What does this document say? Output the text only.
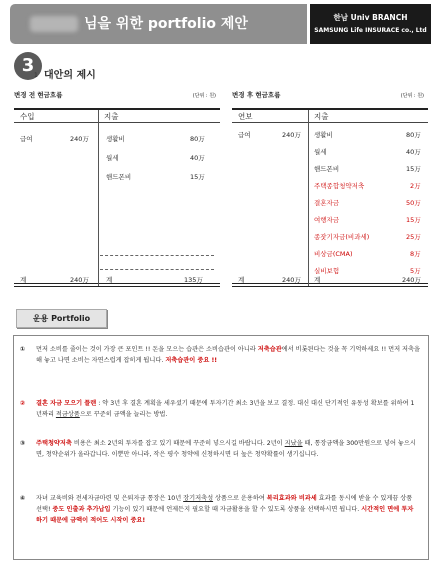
님을 위한 portfolio 제안	한남 Univ BRANCH
SAMSUNG Life INSURACE co., Ltd
3 1 대안의 제시
변경 전 현금흐름	(단위 : 원)
수입	지출
급여	240万	생활비	80万
월세	40万
핸드폰비	15万
계	240万	계	135万
변경 후 현금흐름	(단위 : 원)
연보	지출
급여	240万 생활비	80万
월세	40万
핸드폰비	15万
주택종합청약저축	2万
결혼자금	50万
여행자금	15万
종잣기자금(비과세)	25万
비상금(CMA)	8万
실비보험	5万
계	240万 계	240万
운용 Portfolio
① 먼저 소비를 줄이는 것이 가장 큰 포인트 !! 돈을 모으는 습관은 소비습관이 아니라 저축습관에서 비롯된다는 것을 꼭 기억하세요 !! 먼저 저축을 해 놓고 나면 소비는 자연스럽게 잡히게 됩니다. 저축습관이 중요 !!
② 결혼 자금 모으기 플랜 : 약 3년 후 결혼 계획을 세우셨기 때문에 투자기간 최소 3년을 보고 결정. 대신 대신 단기적인 유동성 확보를 위하여 1년짜리 적금상품으로 꾸준히 금액을 늘리는 방법.
③ 주택청약저축 비용은 최소 2년의 투자를 잡고 있기 때문에 꾸준히 넣으시길 바랍니다. 2년이 지났을 때, 통장금액을 300만원으로 넣어 놓으시면, 청약순위가 올라갑니다. 이뿐만 아니라, 작은 평수 청약에 신청하시면 더 높은 청약확률이 생기십니다.
④ 자녀 교육비와 전세자금마련 및 은퇴자금 통장은 10년 장기저축성 상품으로 운용하여 복리효과와 비과세 효과를 동시에 받을 수 있게끔 상품 선택! 중도 인출과 추가납입 기능이 있기 때문에 언제든지 필요할 때 자금활용을 할 수 있도록 상품을 선택하시면 됩니다. 시간적인 면에 투자 하기 때문에 금액이 적어도 시작이 중요!
